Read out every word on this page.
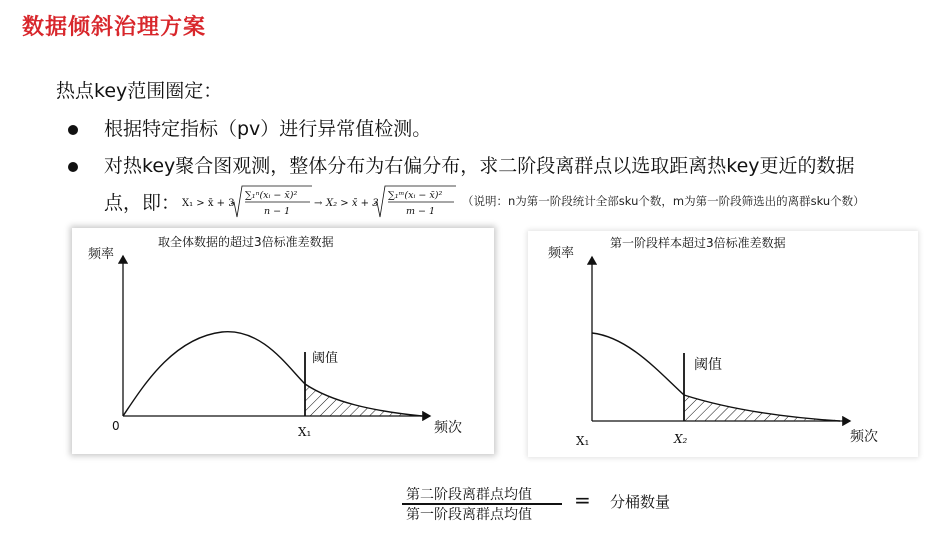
数据倾斜治理方案
热点key范围圈定：
根据特定指标（pv）进行异常值检测。
对热key聚合图观测，整体分布为右偏分布，求二阶段离群点以选取距离热key更近的数据
点，即： X₁ > x̄ + 3
∑₁ⁿ(xᵢ − x̄)²
n − 1
→ X₂ > x̄ + 3
∑₁ᵐ(xᵢ − x̄)²
m − 1
（说明：n为第一阶段统计全部sku个数，m为第一阶段筛选出的离群sku个数）
取全体数据的超过3倍标准差数据
频率
频次
0
阈值
X₁
第一阶段样本超过3倍标准差数据
频率
频次
阈值
X₁	X₂
第二阶段离群点均值
第一阶段离群点均值
= 分桶数量
